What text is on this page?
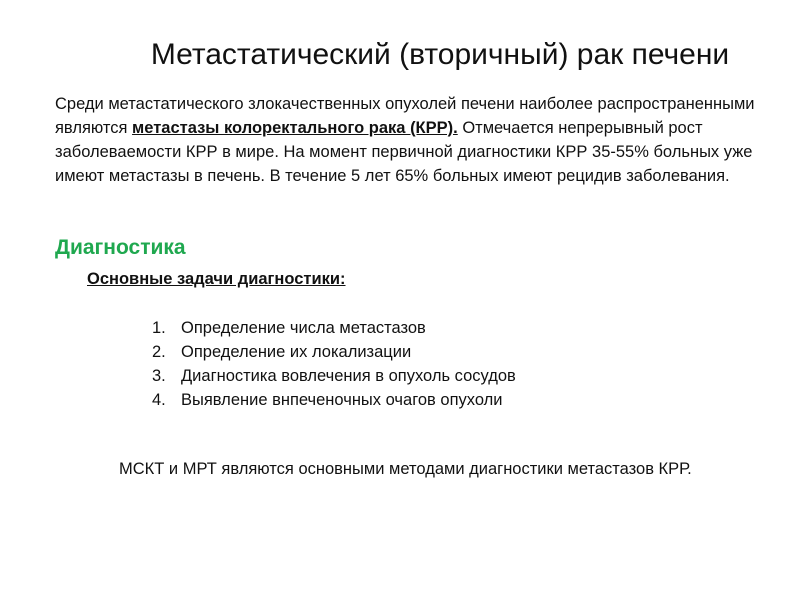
Метастатический (вторичный) рак печени

Среди метастатического злокачественных опухолей печени наиболее распространенными являются метастазы колоректального рака (КРР). Отмечается непрерывный рост заболеваемости КРР в мире. На момент первичной диагностики КРР 35-55% больных уже имеют метастазы в печень. В течение 5 лет 65% больных имеют рецидив заболевания.

Диагностика

Основные задачи диагностики:

1. Определение числа метастазов
2. Определение их локализации
3. Диагностика вовлечения в опухоль сосудов
4. Выявление внпеченочных очагов опухоли

МСКТ и МРТ являются основными методами диагностики метастазов КРР.
